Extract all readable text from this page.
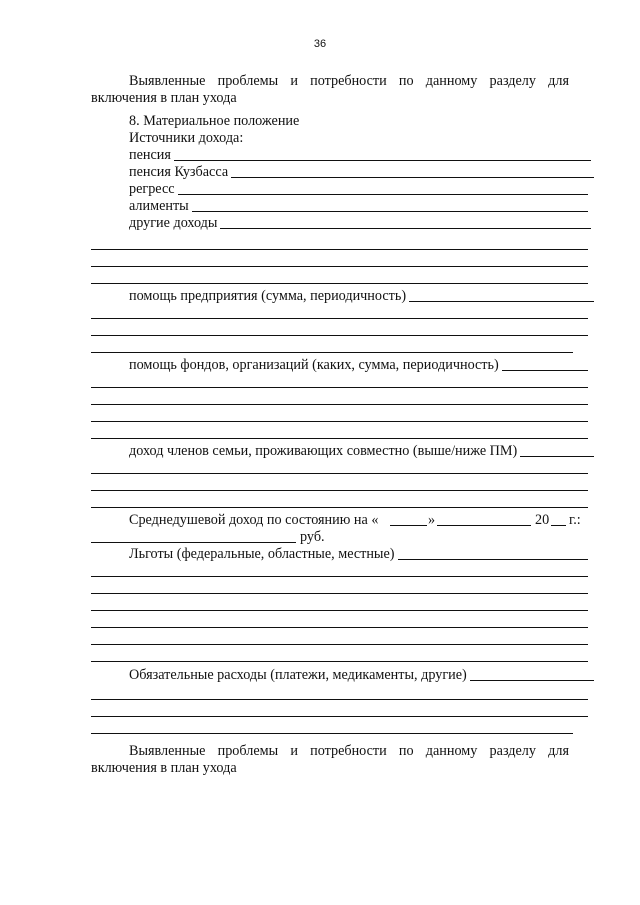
36
Выявленные проблемы и потребности по данному разделу для
включения в план ухода
8. Материальное положение
Источники дохода:
пенсия
пенсия Кузбасса
регресс
алименты
другие доходы
помощь предприятия (сумма, периодичность)
помощь фондов, организаций (каких, сумма, периодичность)
доход членов семьи, проживающих совместно (выше/ниже ПМ)
Среднедушевой доход по состоянию на «	»	20 г.:
руб.
Льготы (федеральные, областные, местные)
Обязательные расходы (платежи, медикаменты, другие)
Выявленные проблемы и потребности по данному разделу для
включения в план ухода
